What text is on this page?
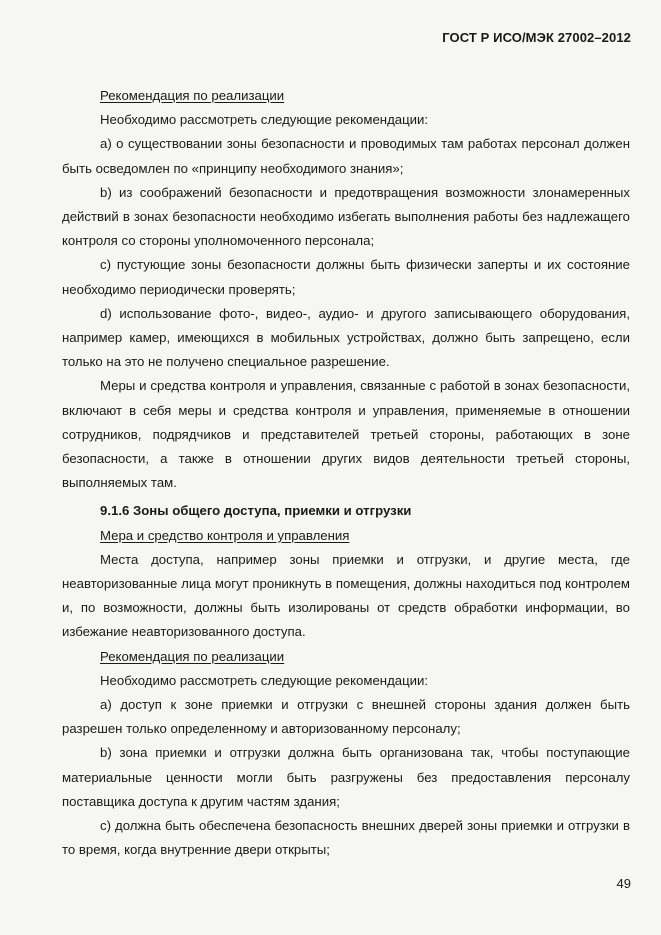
ГОСТ Р ИСО/МЭК 27002–2012

Рекомендация по реализации

Необходимо рассмотреть следующие рекомендации:

a) о существовании зоны безопасности и проводимых там работах персонал должен быть осведомлен по «принципу необходимого знания»;

b) из соображений безопасности и предотвращения возможности злонамеренных действий в зонах безопасности необходимо избегать выполнения работы без надлежащего контроля со стороны уполномоченного персонала;

c) пустующие зоны безопасности должны быть физически заперты и их состояние необходимо периодически проверять;

d) использование фото-, видео-, аудио- и другого записывающего оборудования, например камер, имеющихся в мобильных устройствах, должно быть запрещено, если только на это не получено специальное разрешение.

Меры и средства контроля и управления, связанные с работой в зонах безопасности, включают в себя меры и средства контроля и управления, применяемые в отношении сотрудников, подрядчиков и представителей третьей стороны, работающих в зоне безопасности, а также в отношении других видов деятельности третьей стороны, выполняемых там.

9.1.6 Зоны общего доступа, приемки и отгрузки

Мера и средство контроля и управления

Места доступа, например зоны приемки и отгрузки, и другие места, где неавторизованные лица могут проникнуть в помещения, должны находиться под контролем и, по возможности, должны быть изолированы от средств обработки информации, во избежание неавторизованного доступа.

Рекомендация по реализации

Необходимо рассмотреть следующие рекомендации:

a) доступ к зоне приемки и отгрузки с внешней стороны здания должен быть разрешен только определенному и авторизованному персоналу;

b) зона приемки и отгрузки должна быть организована так, чтобы поступающие материальные ценности могли быть разгружены без предоставления персоналу поставщика доступа к другим частям здания;

c) должна быть обеспечена безопасность внешних дверей зоны приемки и отгрузки в то время, когда внутренние двери открыты;

49
